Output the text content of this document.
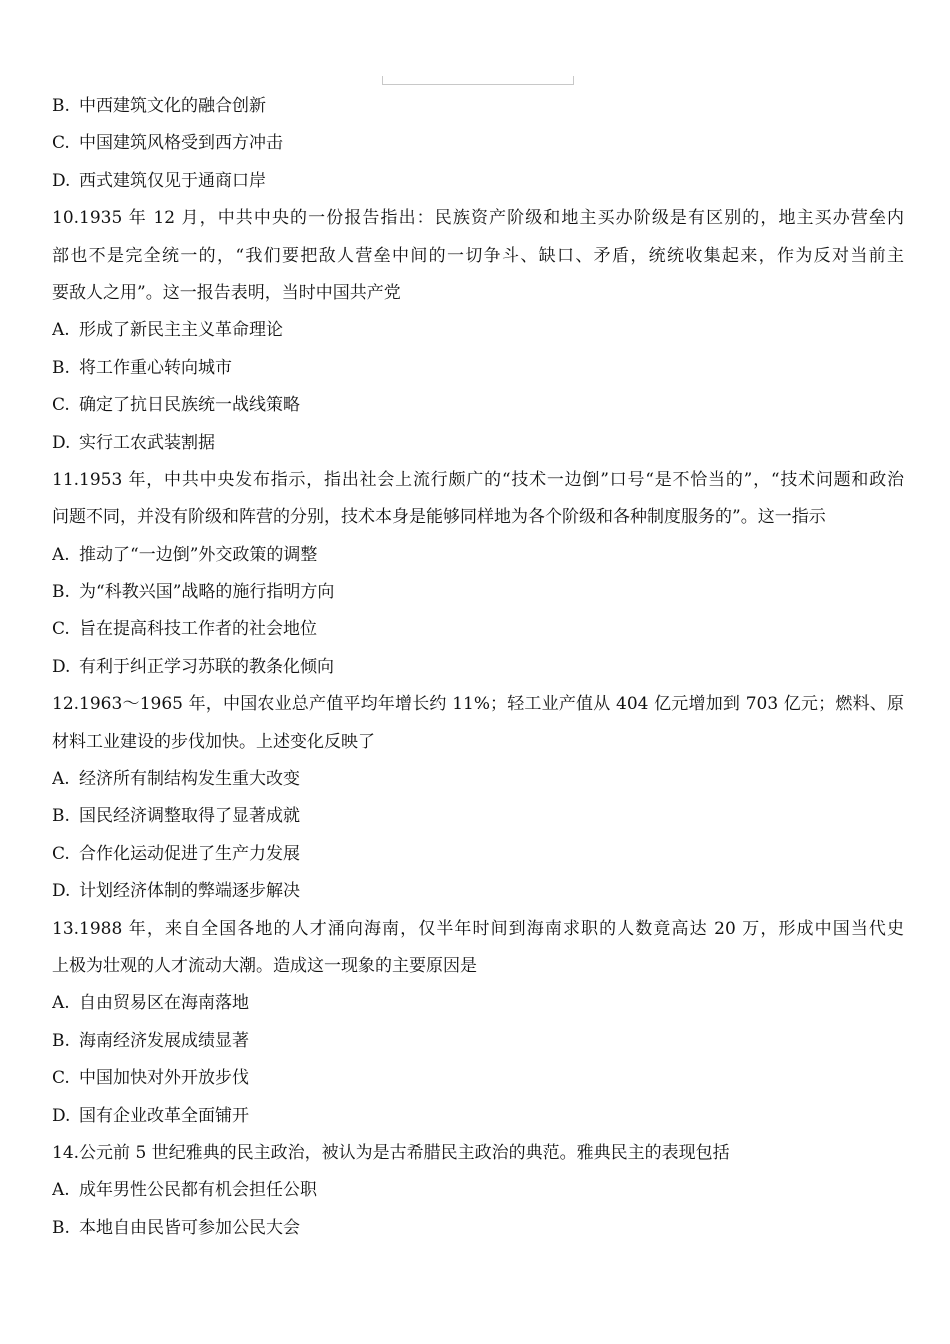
B. 中西建筑文化的融合创新
C. 中国建筑风格受到西方冲击
D. 西式建筑仅见于通商口岸
10.1935 年 12 月，中共中央的一份报告指出：民族资产阶级和地主买办阶级是有区别的，地主买办营垒内
部也不是完全统一的，“我们要把敌人营垒中间的一切争斗、缺口、矛盾，统统收集起来，作为反对当前主
要敌人之用”。这一报告表明，当时中国共产党
A. 形成了新民主主义革命理论
B. 将工作重心转向城市
C. 确定了抗日民族统一战线策略
D. 实行工农武装割据
11.1953 年，中共中央发布指示，指出社会上流行颇广的“技术一边倒”口号“是不恰当的”，“技术问题和政治
问题不同，并没有阶级和阵营的分别，技术本身是能够同样地为各个阶级和各种制度服务的”。这一指示
A. 推动了“一边倒”外交政策的调整
B. 为“科教兴国”战略的施行指明方向
C. 旨在提高科技工作者的社会地位
D. 有利于纠正学习苏联的教条化倾向
12.1963～1965 年，中国农业总产值平均年增长约 11%；轻工业产值从 404 亿元增加到 703 亿元；燃料、原
材料工业建设的步伐加快。上述变化反映了
A. 经济所有制结构发生重大改变
B. 国民经济调整取得了显著成就
C. 合作化运动促进了生产力发展
D. 计划经济体制的弊端逐步解决
13.1988 年，来自全国各地的人才涌向海南，仅半年时间到海南求职的人数竟高达 20 万，形成中国当代史
上极为壮观的人才流动大潮。造成这一现象的主要原因是
A. 自由贸易区在海南落地
B. 海南经济发展成绩显著
C. 中国加快对外开放步伐
D. 国有企业改革全面铺开
14.公元前 5 世纪雅典的民主政治，被认为是古希腊民主政治的典范。雅典民主的表现包括
A. 成年男性公民都有机会担任公职
B. 本地自由民皆可参加公民大会
